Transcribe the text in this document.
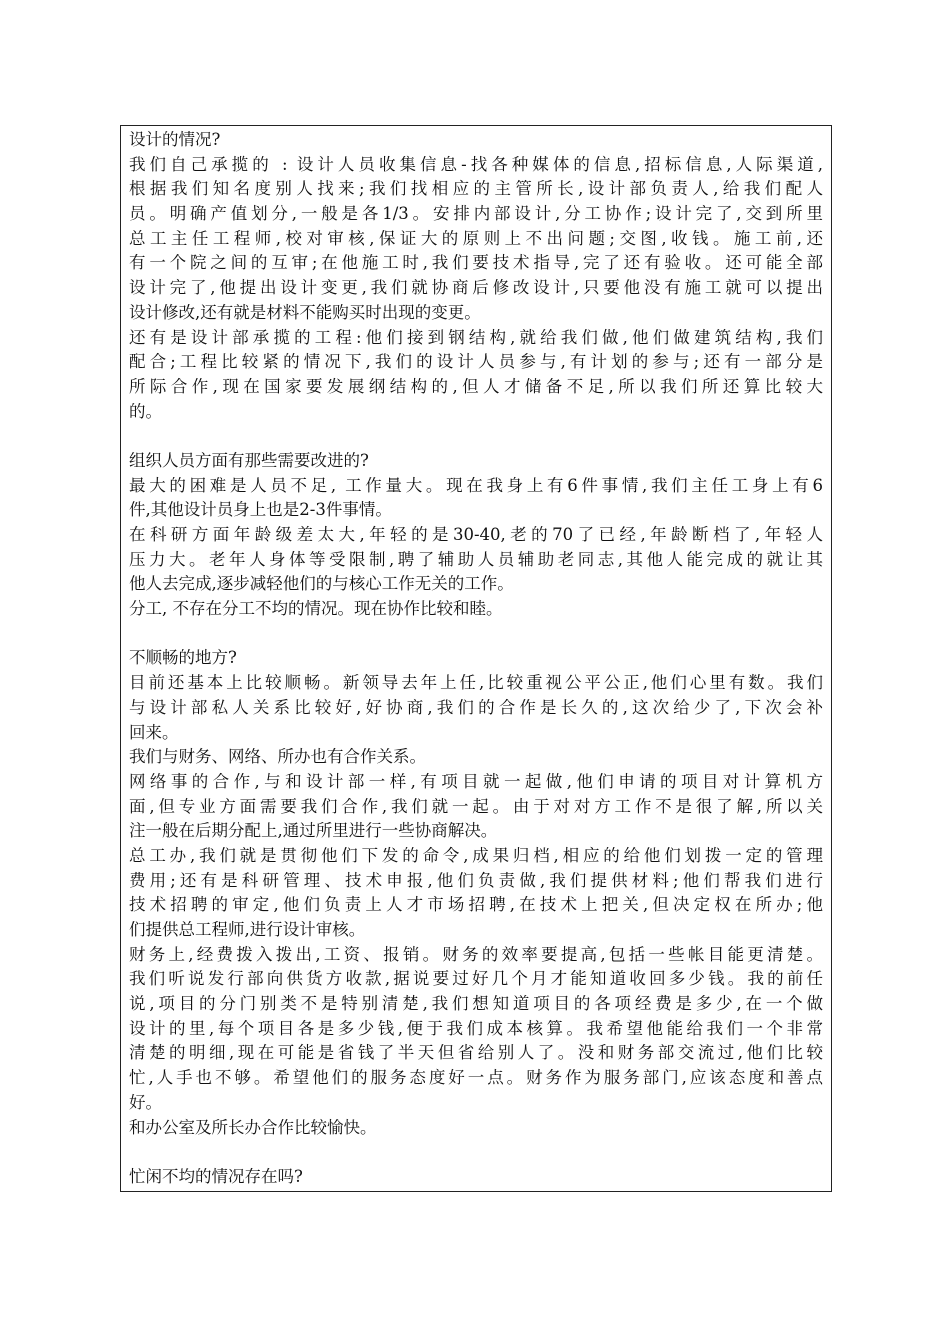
设计的情况?
我们自己承揽的 : 设计人员收集信息-找各种媒体的信息,招标信息,人际渠道,
根据我们知名度别人找来;我们找相应的主管所长,设计部负责人,给我们配人
员。明确产值划分,一般是各1/3。安排内部设计,分工协作;设计完了,交到所里
总工主任工程师,校对审核,保证大的原则上不出问题;交图,收钱。施工前,还
有一个院之间的互审;在他施工时,我们要技术指导,完了还有验收。还可能全部
设计完了,他提出设计变更,我们就协商后修改设计,只要他没有施工就可以提出
设计修改,还有就是材料不能购买时出现的变更。
还有是设计部承揽的工程:他们接到钢结构,就给我们做,他们做建筑结构,我们
配合;工程比较紧的情况下,我们的设计人员参与,有计划的参与;还有一部分是
所际合作,现在国家要发展纲结构的,但人才储备不足,所以我们所还算比较大
的。
组织人员方面有那些需要改进的?
最大的困难是人员不足, 工作量大。现在我身上有6件事情,我们主任工身上有6
件,其他设计员身上也是2-3件事情。
在科研方面年龄级差太大,年轻的是30-40,老的70了已经,年龄断档了,年轻人
压力大。老年人身体等受限制,聘了辅助人员辅助老同志,其他人能完成的就让其
他人去完成,逐步减轻他们的与核心工作无关的工作。
分工, 不存在分工不均的情况。现在协作比较和睦。
不顺畅的地方?
目前还基本上比较顺畅。新领导去年上任,比较重视公平公正,他们心里有数。我们
与设计部私人关系比较好,好协商,我们的合作是长久的,这次给少了,下次会补
回来。
我们与财务、网络、所办也有合作关系。
网络事的合作,与和设计部一样,有项目就一起做,他们申请的项目对计算机方
面,但专业方面需要我们合作,我们就一起。由于对对方工作不是很了解,所以关
注一般在后期分配上,通过所里进行一些协商解决。
总工办,我们就是贯彻他们下发的命令,成果归档,相应的给他们划拨一定的管理
费用;还有是科研管理、技术申报,他们负责做,我们提供材料;他们帮我们进行
技术招聘的审定,他们负责上人才市场招聘,在技术上把关,但决定权在所办;他
们提供总工程师,进行设计审核。
财务上,经费拨入拨出,工资、报销。财务的效率要提高,包括一些帐目能更清楚。
我们听说发行部向供货方收款,据说要过好几个月才能知道收回多少钱。我的前任
说,项目的分门别类不是特别清楚,我们想知道项目的各项经费是多少,在一个做
设计的里,每个项目各是多少钱,便于我们成本核算。我希望他能给我们一个非常
清楚的明细,现在可能是省钱了半天但省给别人了。没和财务部交流过,他们比较
忙,人手也不够。希望他们的服务态度好一点。财务作为服务部门,应该态度和善点
好。
和办公室及所长办合作比较愉快。
忙闲不均的情况存在吗?
